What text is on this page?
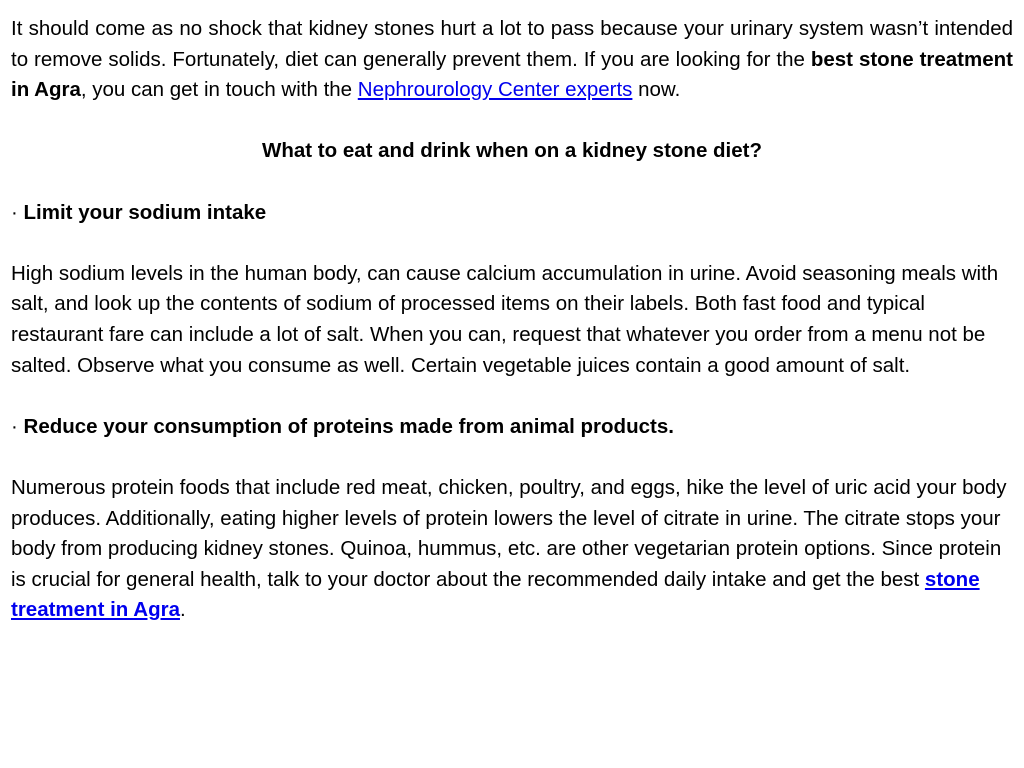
It should come as no shock that kidney stones hurt a lot to pass because your urinary system wasn’t intended to remove solids. Fortunately, diet can generally prevent them. If you are looking for the best stone treatment in Agra, you can get in touch with the Nephrourology Center experts now.

What to eat and drink when on a kidney stone diet?

· Limit your sodium intake

High sodium levels in the human body, can cause calcium accumulation in urine. Avoid seasoning meals with salt, and look up the contents of sodium of processed items on their labels. Both fast food and typical restaurant fare can include a lot of salt. When you can, request that whatever you order from a menu not be salted. Observe what you consume as well. Certain vegetable juices contain a good amount of salt.

· Reduce your consumption of proteins made from animal products.

Numerous protein foods that include red meat, chicken, poultry, and eggs, hike the level of uric acid your body produces. Additionally, eating higher levels of protein lowers the level of citrate in urine. The citrate stops your body from producing kidney stones. Quinoa, hummus, etc. are other vegetarian protein options. Since protein is crucial for general health, talk to your doctor about the recommended daily intake and get the best stone treatment in Agra.
